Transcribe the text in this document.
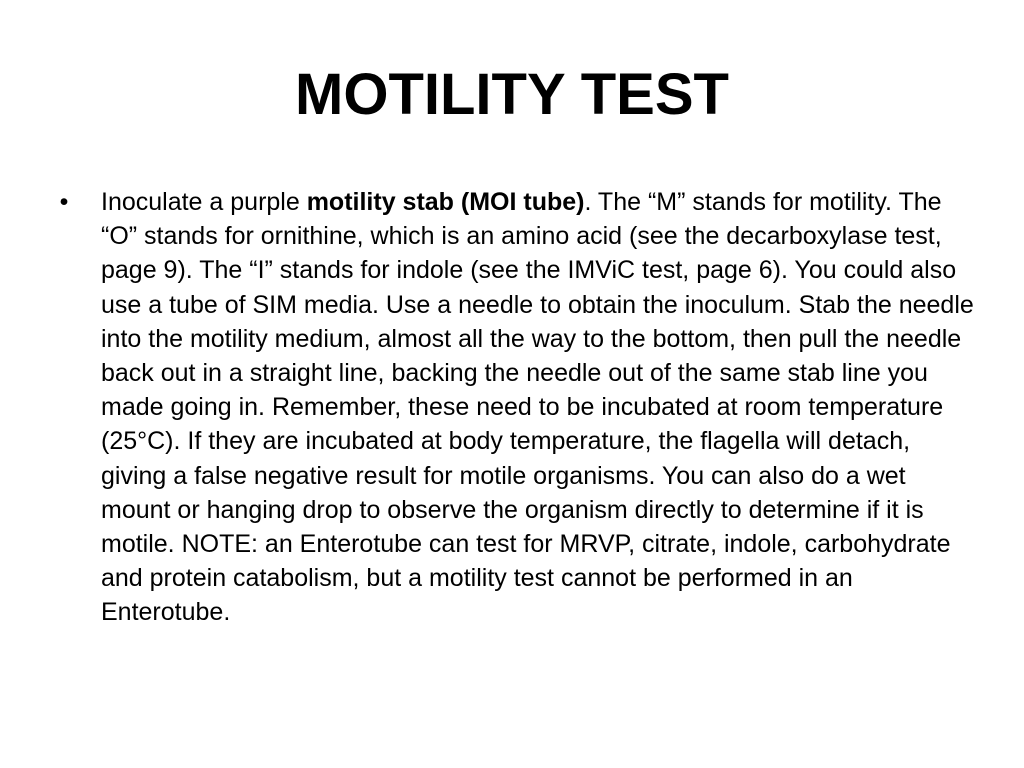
MOTILITY TEST
• Inoculate a purple motility stab (MOI tube). The “M” stands for motility. The “O” stands for ornithine, which is an amino acid (see the decarboxylase test, page 9). The “I” stands for indole (see the IMViC test, page 6). You could also use a tube of SIM media. Use a needle to obtain the inoculum. Stab the needle into the motility medium, almost all the way to the bottom, then pull the needle back out in a straight line, backing the needle out of the same stab line you made going in. Remember, these need to be incubated at room temperature (25°C). If they are incubated at body temperature, the flagella will detach, giving a false negative result for motile organisms. You can also do a wet mount or hanging drop to observe the organism directly to determine if it is motile. NOTE: an Enterotube can test for MRVP, citrate, indole, carbohydrate and protein catabolism, but a motility test cannot be performed in an Enterotube.
